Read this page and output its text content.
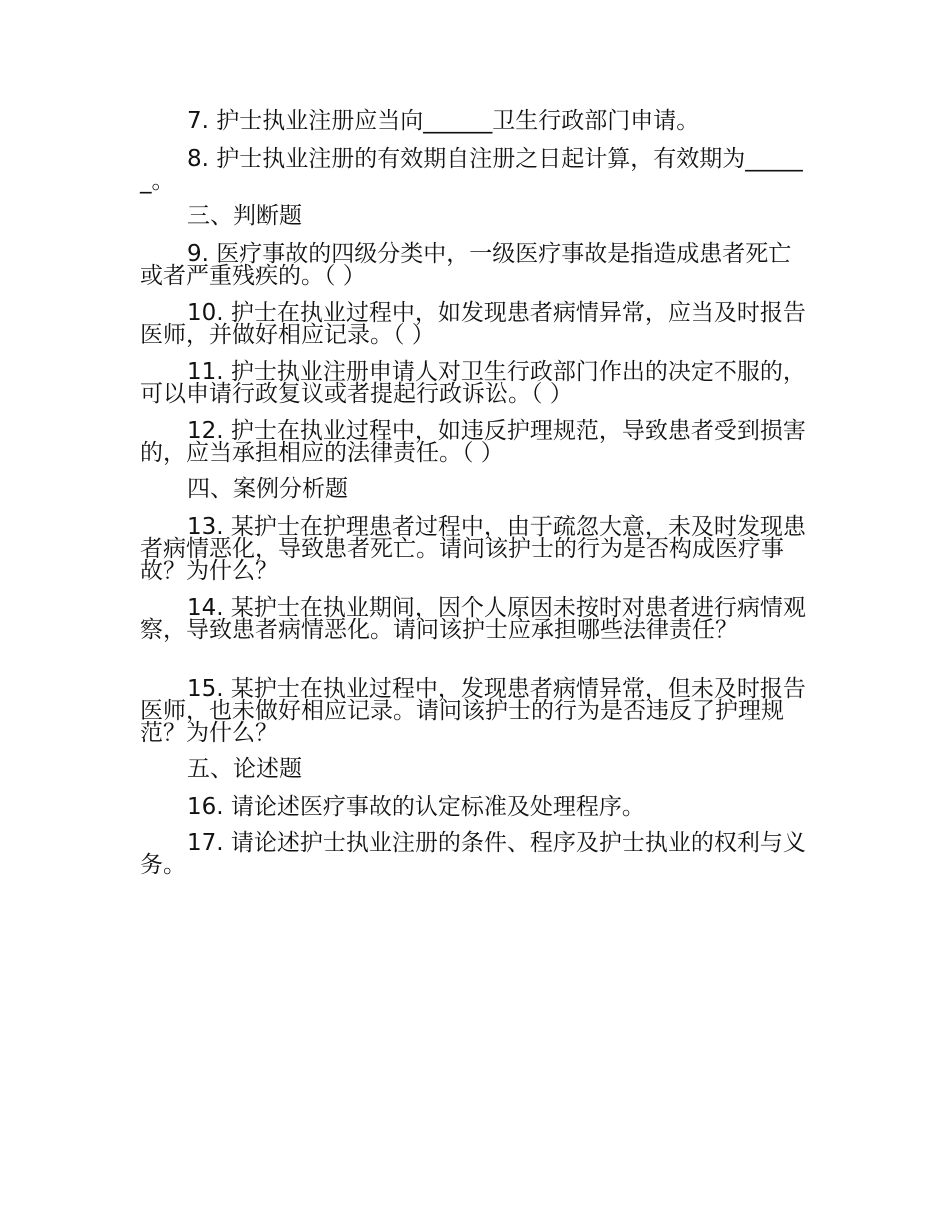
7. 护士执业注册应当向______卫生行政部门申请。
8. 护士执业注册的有效期自注册之日起计算，有效期为______。
三、判断题
9. 医疗事故的四级分类中，一级医疗事故是指造成患者死亡或者严重残疾的。（ ）
10. 护士在执业过程中，如发现患者病情异常，应当及时报告医师，并做好相应记录。（ ）
11. 护士执业注册申请人对卫生行政部门作出的决定不服的，可以申请行政复议或者提起行政诉讼。（ ）
12. 护士在执业过程中，如违反护理规范，导致患者受到损害的，应当承担相应的法律责任。（ ）
四、案例分析题
13. 某护士在护理患者过程中，由于疏忽大意，未及时发现患者病情恶化，导致患者死亡。请问该护士的行为是否构成医疗事故？为什么？
14. 某护士在执业期间，因个人原因未按时对患者进行病情观察，导致患者病情恶化。请问该护士应承担哪些法律责任？
15. 某护士在执业过程中，发现患者病情异常，但未及时报告医师，也未做好相应记录。请问该护士的行为是否违反了护理规范？为什么？
五、论述题
16. 请论述医疗事故的认定标准及处理程序。
17. 请论述护士执业注册的条件、程序及护士执业的权利与义务。
